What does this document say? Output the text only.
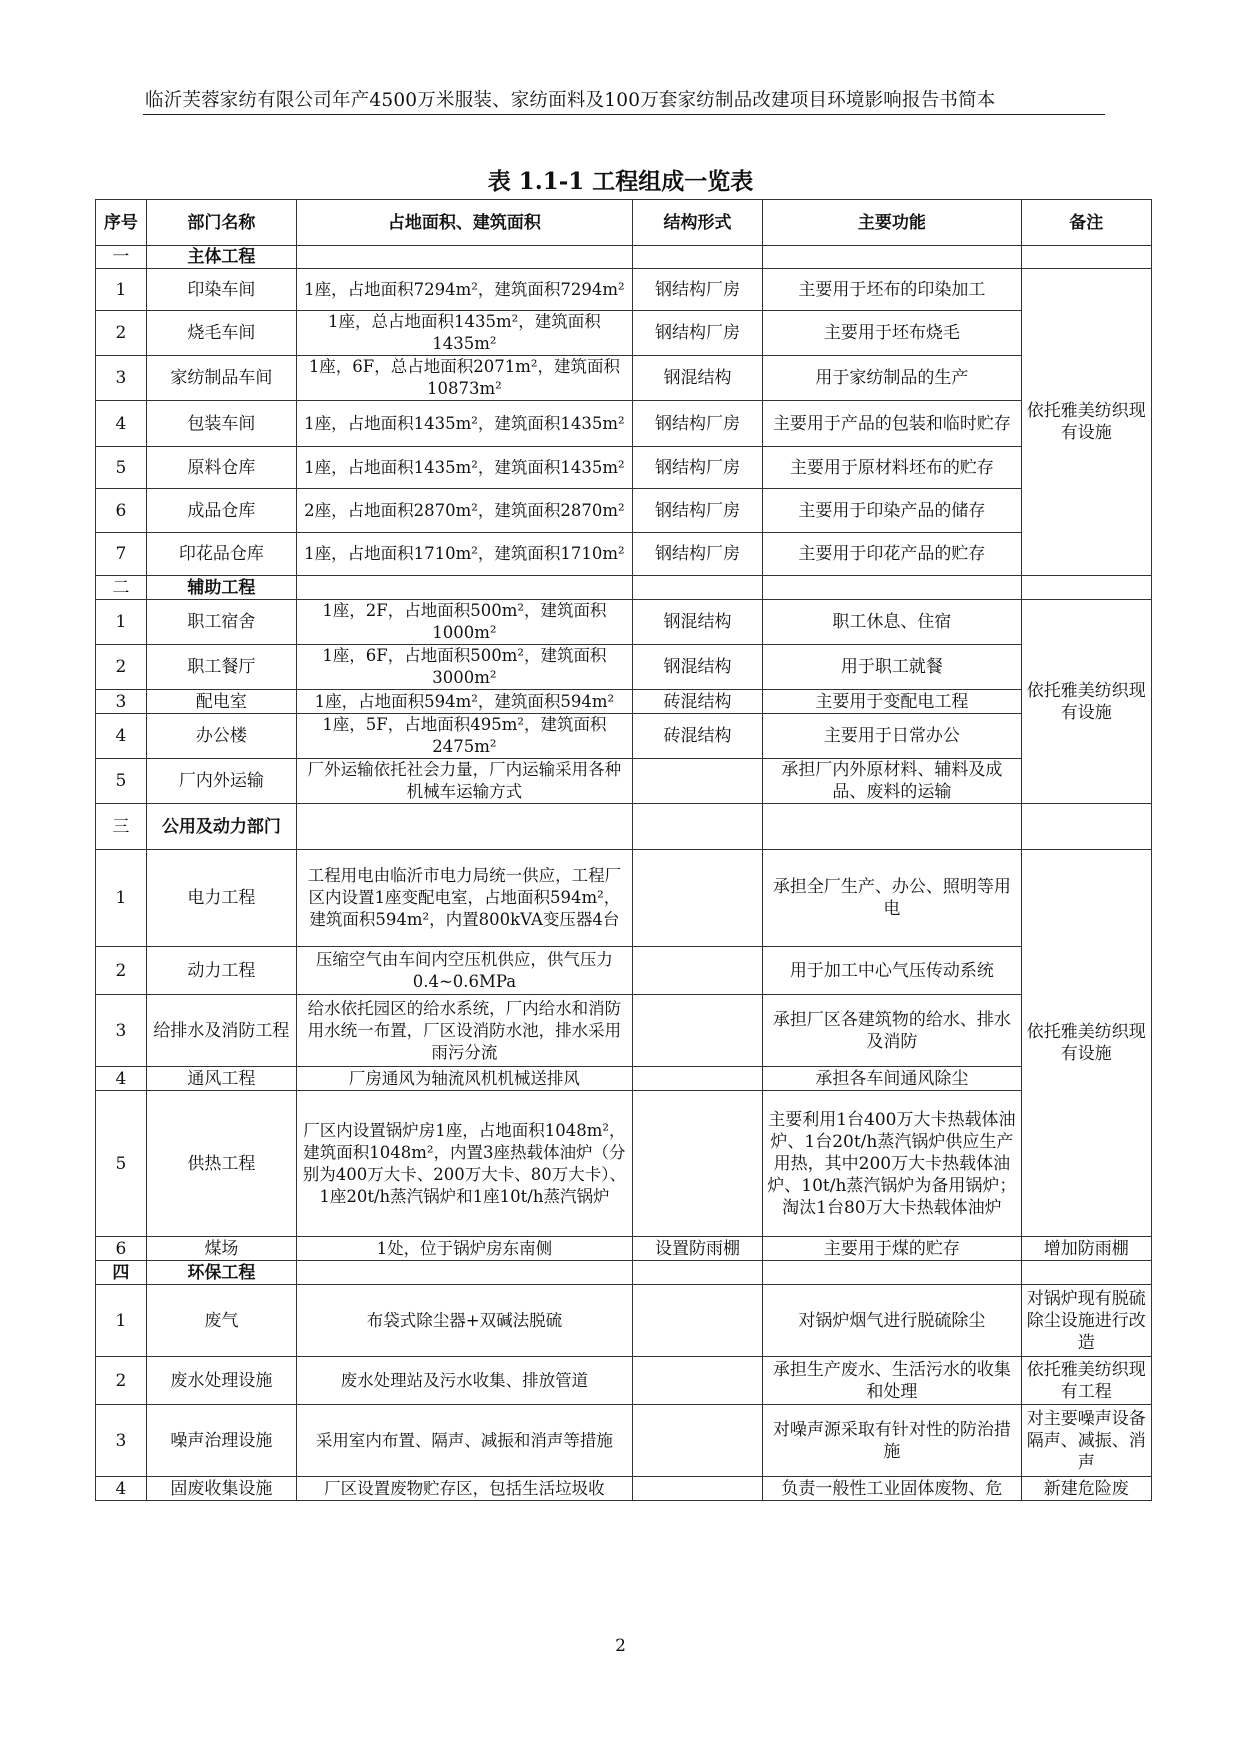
临沂芙蓉家纺有限公司年产4500万米服装、家纺面料及100万套家纺制品改建项目环境影响报告书简本
表 1.1-1 工程组成一览表
序号	部门名称	占地面积、建筑面积	结构形式	主要功能	备注
一	主体工程				
1	印染车间	1座，占地面积7294m²，建筑面积7294m²	钢结构厂房	主要用于坯布的印染加工	依托雅美纺织现有设施
2	烧毛车间	1座，总占地面积1435m²，建筑面积1435m²	钢结构厂房	主要用于坯布烧毛	
3	家纺制品车间	1座，6F，总占地面积2071m²，建筑面积10873m²	钢混结构	用于家纺制品的生产	
4	包装车间	1座，占地面积1435m²，建筑面积1435m²	钢结构厂房	主要用于产品的包装和临时贮存	
5	原料仓库	1座，占地面积1435m²，建筑面积1435m²	钢结构厂房	主要用于原材料坯布的贮存	
6	成品仓库	2座，占地面积2870m²，建筑面积2870m²	钢结构厂房	主要用于印染产品的储存	
7	印花品仓库	1座，占地面积1710m²，建筑面积1710m²	钢结构厂房	主要用于印花产品的贮存	
二	辅助工程				
1	职工宿舍	1座，2F，占地面积500m²，建筑面积1000m²	钢混结构	职工休息、住宿	依托雅美纺织现有设施
2	职工餐厅	1座，6F，占地面积500m²，建筑面积3000m²	钢混结构	用于职工就餐	
3	配电室	1座，占地面积594m²，建筑面积594m²	砖混结构	主要用于变配电工程	
4	办公楼	1座，5F，占地面积495m²，建筑面积2475m²	砖混结构	主要用于日常办公	
5	厂内外运输	厂外运输依托社会力量，厂内运输采用各种机械车运输方式		承担厂内外原材料、辅料及成品、废料的运输	
三	公用及动力部门				
1	电力工程	工程用电由临沂市电力局统一供应，工程厂区内设置1座变配电室，占地面积594m²，建筑面积594m²，内置800kVA变压器4台		承担全厂生产、办公、照明等用电	依托雅美纺织现有设施
2	动力工程	压缩空气由车间内空压机供应，供气压力0.4~0.6MPa		用于加工中心气压传动系统	
3	给排水及消防工程	给水依托园区的给水系统，厂内给水和消防用水统一布置，厂区设消防水池，排水采用雨污分流		承担厂区各建筑物的给水、排水及消防	
4	通风工程	厂房通风为轴流风机机械送排风		承担各车间通风除尘	
5	供热工程	厂区内设置锅炉房1座，占地面积1048m²，建筑面积1048m²，内置3座热载体油炉（分别为400万大卡、200万大卡、80万大卡）、1座20t/h蒸汽锅炉和1座10t/h蒸汽锅炉		主要利用1台400万大卡热载体油炉、1台20t/h蒸汽锅炉供应生产用热，其中200万大卡热载体油炉、10t/h蒸汽锅炉为备用锅炉；淘汰1台80万大卡热载体油炉	
6	煤场	1处，位于锅炉房东南侧	设置防雨棚	主要用于煤的贮存	增加防雨棚
四	环保工程				
1	废气	布袋式除尘器+双碱法脱硫		对锅炉烟气进行脱硫除尘	对锅炉现有脱硫除尘设施进行改造
2	废水处理设施	废水处理站及污水收集、排放管道		承担生产废水、生活污水的收集和处理	依托雅美纺织现有工程
3	噪声治理设施	采用室内布置、隔声、减振和消声等措施		对噪声源采取有针对性的防治措施	对主要噪声设备隔声、减振、消声
4	固废收集设施	厂区设置废物贮存区，包括生活垃圾收		负责一般性工业固体废物、危	新建危险废
2
